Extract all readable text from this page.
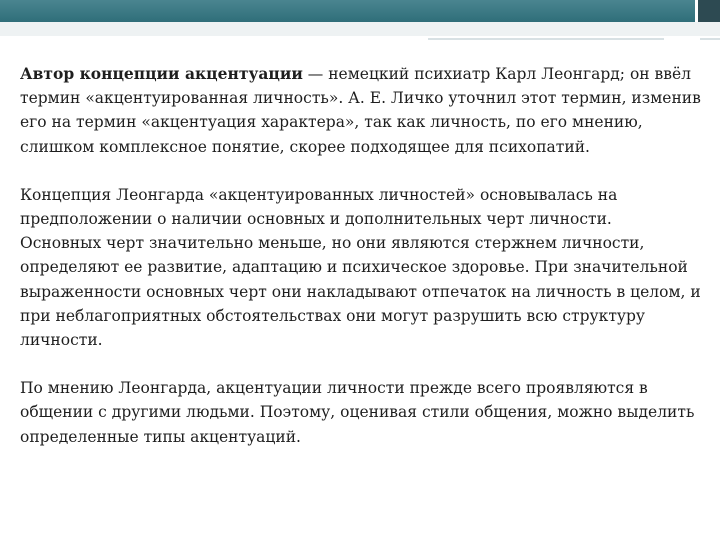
Автор концепции акцентуации — немецкий психиатр Карл Леонгард; он ввёл термин «акцентуированная личность». А. Е. Личко уточнил этот термин, изменив его на термин «акцентуация характера», так как личность, по его мнению, слишком комплексное понятие, скорее подходящее для психопатий.

Концепция Леонгарда «акцентуированных личностей» основывалась на предположении о наличии основных и дополнительных черт личности.

Основных черт значительно меньше, но они являются стержнем личности, определяют ее развитие, адаптацию и психическое здоровье. При значительной выраженности основных черт они накладывают отпечаток на личность в целом, и при неблагоприятных обстоятельствах они могут разрушить всю структуру личности.

По мнению Леонгарда, акцентуации личности прежде всего проявляются в общении с другими людьми. Поэтому, оценивая стили общения, можно выделить определенные типы акцентуаций.
